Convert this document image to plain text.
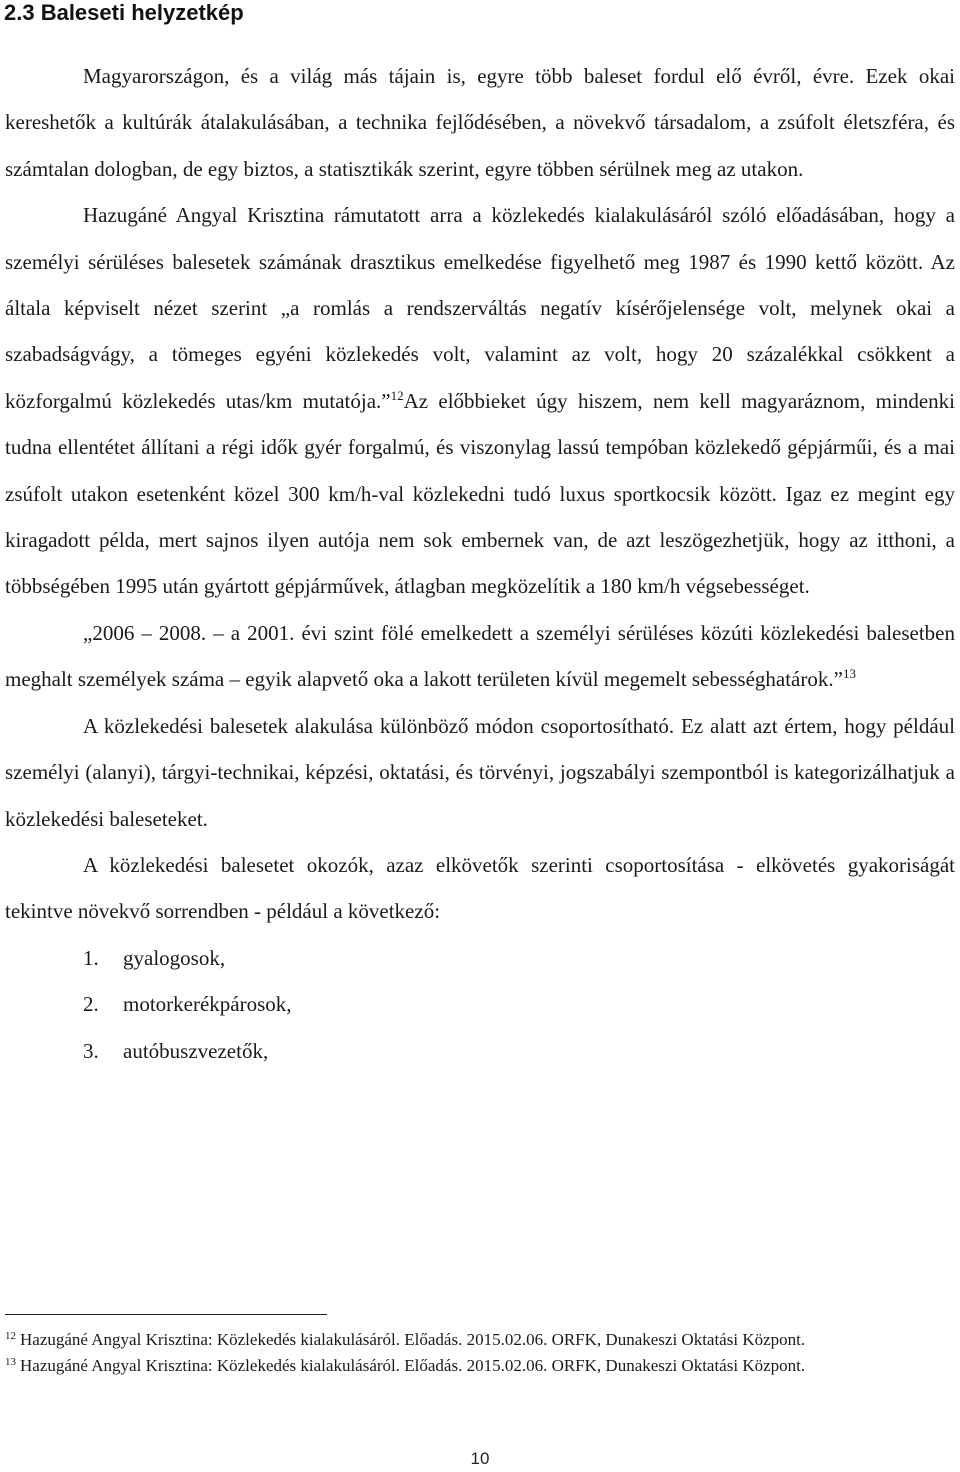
2.3 Baleseti helyzetkép

Magyarországon, és a világ más tájain is, egyre több baleset fordul elő évről, évre. Ezek okai kereshetők a kultúrák átalakulásában, a technika fejlődésében, a növekvő társadalom, a zsúfolt életszféra, és számtalan dologban, de egy biztos, a statisztikák szerint, egyre többen sérülnek meg az utakon.

Hazugáné Angyal Krisztina rámutatott arra a közlekedés kialakulásáról szóló előadásában, hogy a személyi sérüléses balesetek számának drasztikus emelkedése figyelhető meg 1987 és 1990 kettő között. Az általa képviselt nézet szerint „a romlás a rendszerváltás negatív kísérőjelensége volt, melynek okai a szabadságvágy, a tömeges egyéni közlekedés volt, valamint az volt, hogy 20 százalékkal csökkent a közforgalmú közlekedés utas/km mutatója.”$^{12}$Az előbbieket úgy hiszem, nem kell magyaráznom, mindenki tudna ellentétet állítani a régi idők gyér forgalmú, és viszonylag lassú tempóban közlekedő gépjárműi, és a mai zsúfolt utakon esetenként közel 300 km/h-val közlekedni tudó luxus sportkocsik között. Igaz ez megint egy kiragadott példa, mert sajnos ilyen autója nem sok embernek van, de azt leszögezhetjük, hogy az itthoni, a többségében 1995 után gyártott gépjárművek, átlagban megközelítik a 180 km/h végsebességet.

„2006 – 2008. – a 2001. évi szint fölé emelkedett a személyi sérüléses közúti közlekedési balesetben meghalt személyek száma – egyik alapvető oka a lakott területen kívül megemelt sebességhatárok.”$^{13}$

A közlekedési balesetek alakulása különböző módon csoportosítható. Ez alatt azt értem, hogy például személyi (alanyi), tárgyi-technikai, képzési, oktatási, és törvényi, jogszabályi szempontból is kategorizálhatjuk a közlekedési baleseteket.

A közlekedési balesetet okozók, azaz elkövetők szerinti csoportosítása - elkövetés gyakoriságát tekintve növekvő sorrendben - például a következő:

1. gyalogosok,
2. motorkerékpárosok,
3. autóbuszvezetők,

$^{12}$ Hazugáné Angyal Krisztina: Közlekedés kialakulásáról. Előadás. 2015.02.06. ORFK, Dunakeszi Oktatási Központ.

$^{13}$ Hazugáné Angyal Krisztina: Közlekedés kialakulásáról. Előadás. 2015.02.06. ORFK, Dunakeszi Oktatási Központ.

10
